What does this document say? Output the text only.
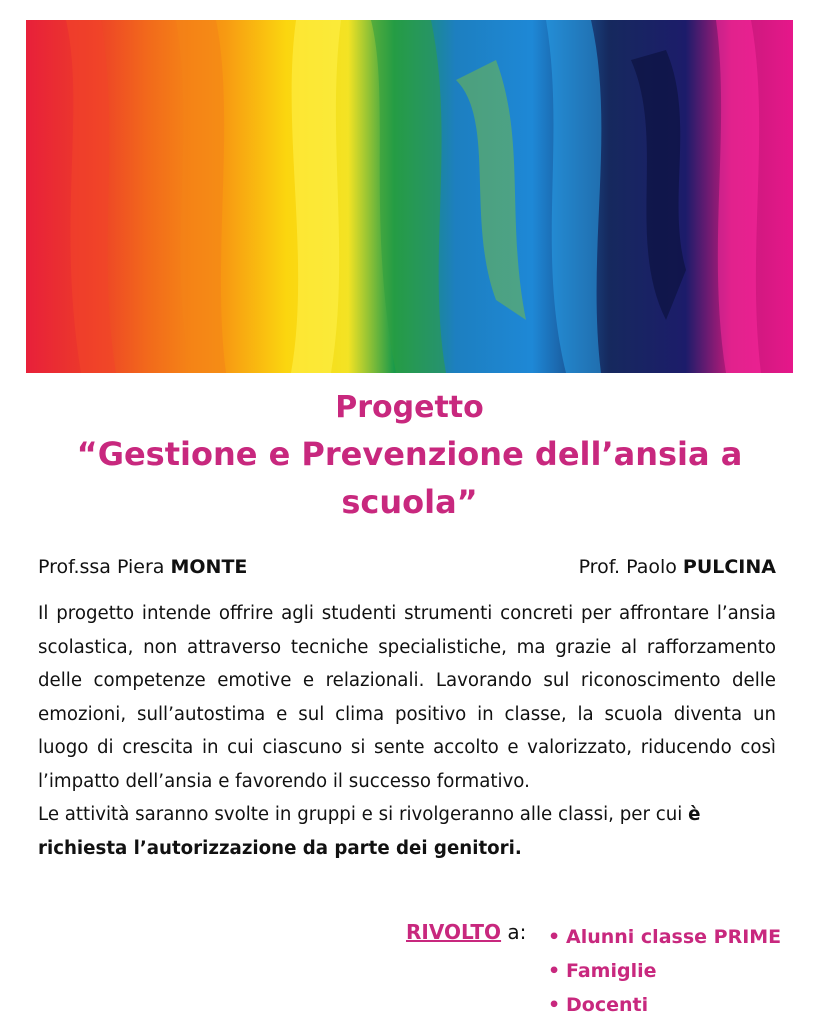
Progetto
“Gestione e Prevenzione dell’ansia a
scuola”
Prof.ssa Piera MONTE	Prof. Paolo PULCINA

Il progetto intende offrire agli studenti strumenti concreti per affrontare l’ansia scolastica, non attraverso tecniche specialistiche, ma grazie al rafforzamento delle competenze emotive e relazionali. Lavorando sul riconoscimento delle emozioni, sull’autostima e sul clima positivo in classe, la scuola diventa un luogo di crescita in cui ciascuno si sente accolto e valorizzato, riducendo così l’impatto dell’ansia e favorendo il successo formativo.

Le attività saranno svolte in gruppi e si rivolgeranno alle classi, per cui è richiesta l’autorizzazione da parte dei genitori.

RIVOLTO a:
•	Alunni classe PRIME
• Famiglie
• Docenti
